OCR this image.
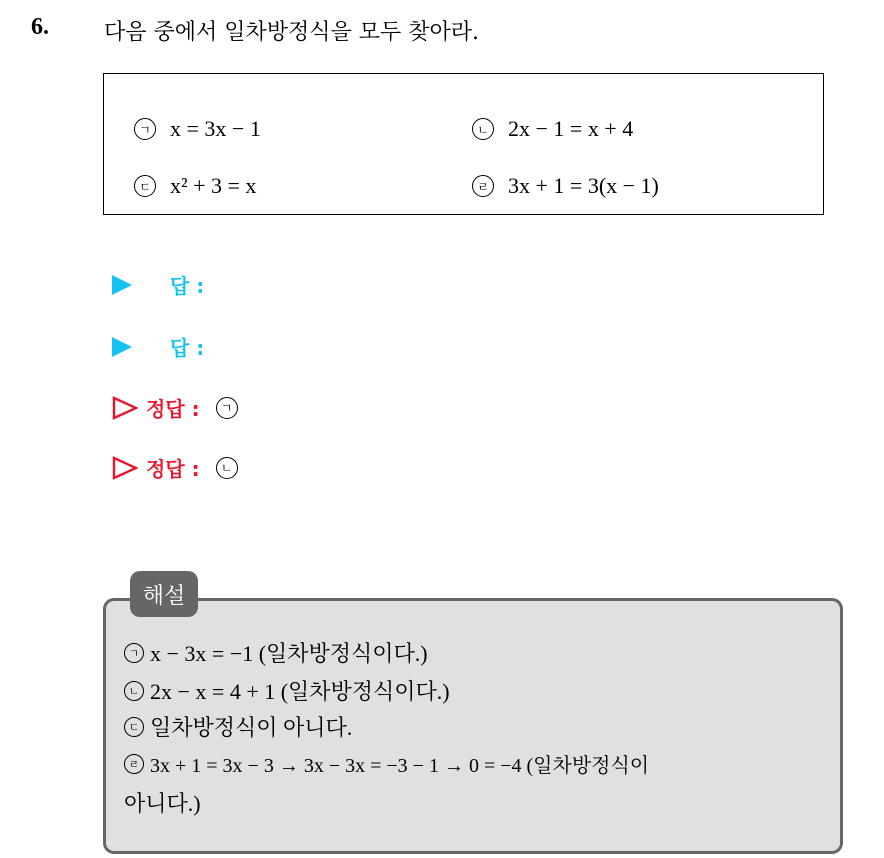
6.	다음 중에서 일차방정식을 모두 찾아라.
ㄱ x = 3x − 1	ㄴ 2x − 1 = x + 4
ㄷ x² + 3 = x	ㄹ 3x + 1 = 3(x − 1)
답 :
답 :
정답 :	ㄱ
정답 :	ㄴ
해설
ㄱ x − 3x = −1 (일차방정식이다.)
ㄴ 2x − x = 4 + 1 (일차방정식이다.)
ㄷ 일차방정식이 아니다.
ㄹ 3x + 1 = 3x − 3 → 3x − 3x = −3 − 1 → 0 = −4 (일차방정식이
아니다.)
